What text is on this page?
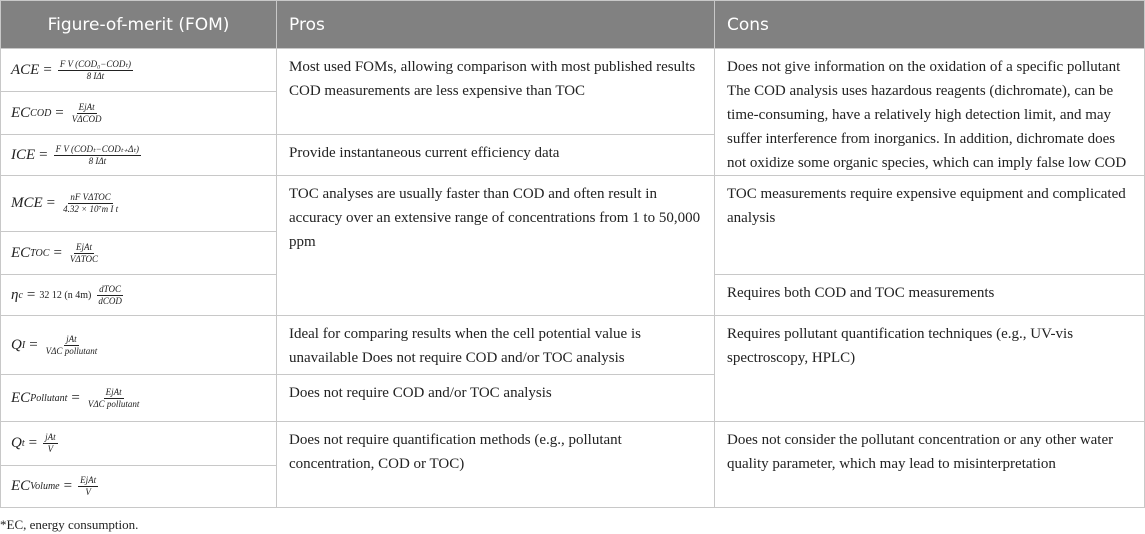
Figure-of-merit (FOM)	Pros	Cons
ACE = $\frac{\text{F V (COD₀−CODₜ)}}{\text{8 IΔt}}$
EC COD = $\frac{\text{EjAt}}{\text{VΔCOD}}$
ICE = $\frac{\text{F V (CODₜ−CODₜ₊Δₜ)}}{\text{8 IΔt}}$
MCE = $\frac{\text{nF VΔTOC}}{\text{4.32 × 10⁷m I t}}$
EC TOC = $\frac{\text{EjAt}}{\text{VΔTOC}}$
η c = 32 12 (n $4m) \frac{\text{dTOC}}{\text{dCOD}}$
Q $I = \frac{\text{jAt}}{\text{VΔC pollutant}}$
EC Pollutant = $\frac{\text{EjAt}}{\text{VΔC pollutant}}$
Q $t = \frac{\text{jAt}}{V}$
EC Volume = $\frac{\text{EjAt}}{V}$
Most used FOMs, allowing comparison with most published results COD measurements are less expensive than TOC
Provide instantaneous current efficiency data
TOC analyses are usually faster than COD and often result in accuracy over an extensive range of concentrations from 1 to 50,000 ppm
Ideal for comparing results when the cell potential value is unavailable Does not require COD and/or TOC analysis
Does not require COD and/or TOC analysis
Does not require quantification methods (e.g., pollutant concentration, COD or TOC)
Does not give information on the oxidation of a specific pollutant The COD analysis uses hazardous reagents (dichromate), can be time-consuming, have a relatively high detection limit, and may suffer interference from inorganics. In addition, dichromate does not oxidize some organic species, which can imply false low COD
TOC measurements require expensive equipment and complicated analysis
Requires both COD and TOC measurements
Requires pollutant quantification techniques (e.g., UV-vis spectroscopy, HPLC)
Does not consider the pollutant concentration or any other water quality parameter, which may lead to misinterpretation
*EC, energy consumption.
